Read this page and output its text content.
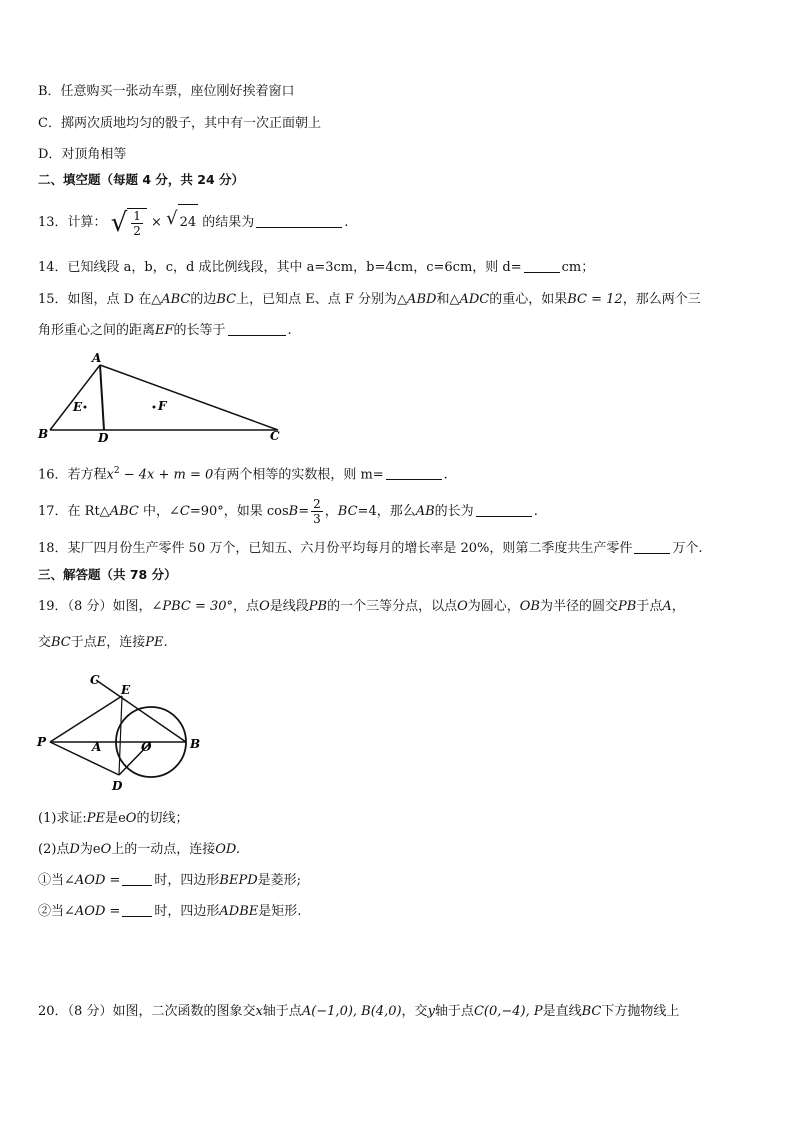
B．任意购买一张动车票，座位刚好挨着窗口
C．掷两次质地均匀的骰子，其中有一次正面朝上
D．对顶角相等
二、填空题（每题 4 分，共 24 分）
13．计算： √ $\frac{1}{2}$ × √ 24 的结果为	.
14．已知线段 a，b，c，d 成比例线段，其中 a=3cm，b=4cm，c=6cm，则 d=	cm；
15．如图，点 D 在△ABC的边BC上，已知点 E、点 F 分别为△ABD和△ADC的重心，如果BC = 12，那么两个三
角形重心之间的距离EF的长等于	.
A
B	D	C
E	F
16．若方程$x^2 - 4x + m = 0$有两个相等的实数根，则 m=	.
17．在 Rt△ABC 中，∠C=90°，如果 $\cos B= \frac{2}{3}$ ，BC=4，那么AB的长为	.
18．某厂四月份生产零件 50 万个，已知五、六月份平均每月的增长率是 20%，则第二季度共生产零件	万个.
三、解答题（共 78 分）
19．（8 分）如图，∠PBC = 30°，点O是线段PB的一个三等分点，以点O为圆心，OB为半径的圆交PB于点A，
交BC于点E，连接PE.
C
E
P	A	O	B
D
(1)求证:PE是eO的切线；
(2)点D为eO上的一动点，连接OD.
①当∠AOD =	时，四边形BEPD是菱形;
②当∠AOD =	时，四边形ADBE是矩形.
20．（8 分）如图，二次函数的图象交x轴于点A(−1,0), B(4,0)，交y轴于点C(0,−4), P是直线BC下方抛物线上
